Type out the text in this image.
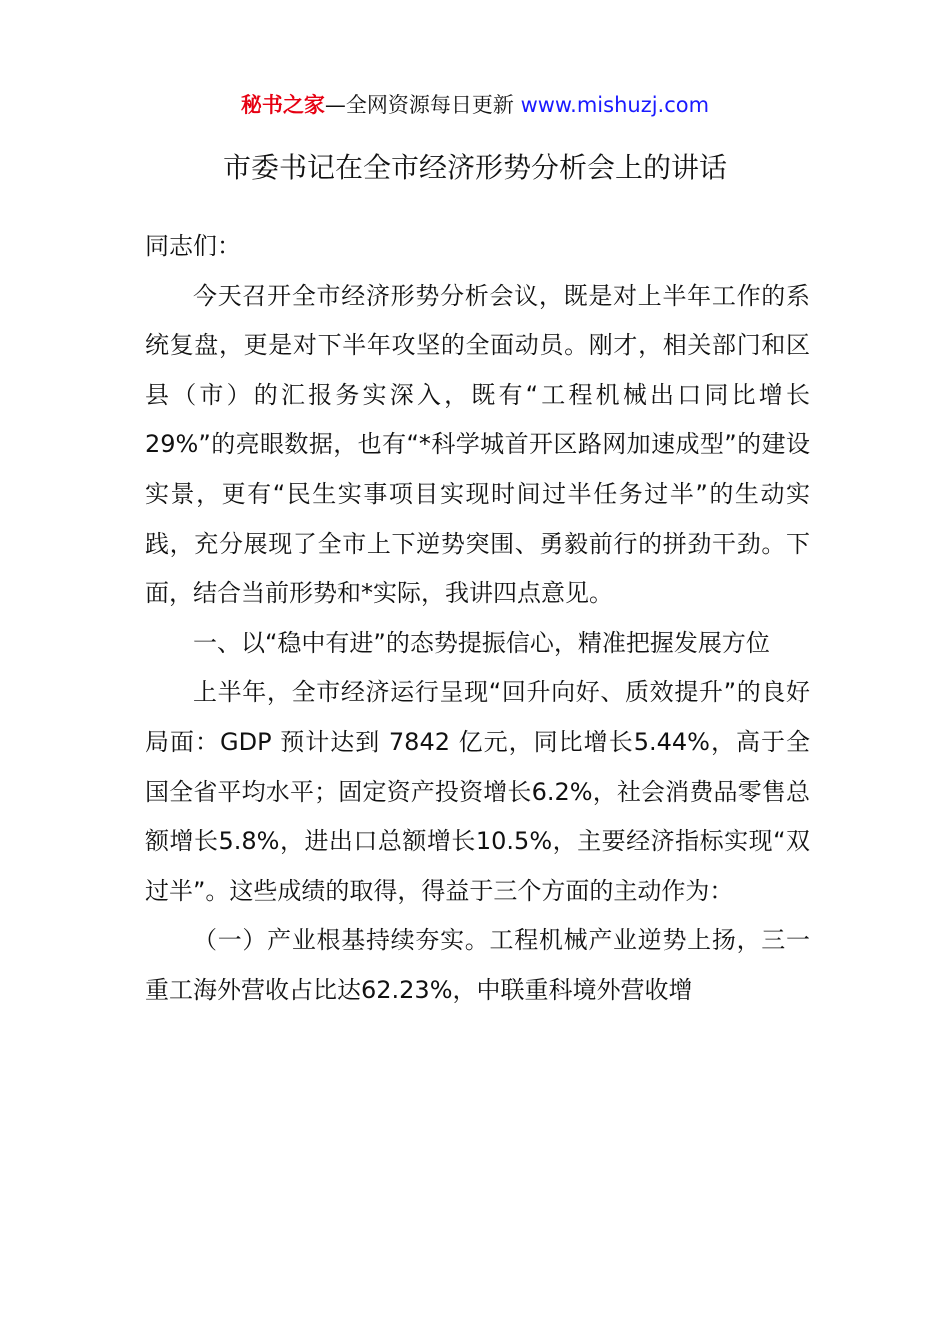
秘书之家—全网资源每日更新 www.mishuzj.com
市委书记在全市经济形势分析会上的讲话

同志们：

今天召开全市经济形势分析会议，既是对上半年工作的系统复盘，更是对下半年攻坚的全面动员。刚才，相关部门和区县（市）的汇报务实深入，既有“工程机械出口同比增长29%”的亮眼数据，也有“*科学城首开区路网加速成型”的建设实景，更有“民生实事项目实现时间过半任务过半”的生动实践，充分展现了全市上下逆势突围、勇毅前行的拼劲干劲。下面，结合当前形势和*实际，我讲四点意见。

一、以“稳中有进”的态势提振信心，精准把握发展方位

上半年，全市经济运行呈现“回升向好、质效提升”的良好局面：GDP 预计达到 7842 亿元，同比增长5.44%，高于全国全省平均水平；固定资产投资增长6.2%，社会消费品零售总额增长5.8%，进出口总额增长10.5%，主要经济指标实现“双过半”。这些成绩的取得，得益于三个方面的主动作为：

（一）产业根基持续夯实。工程机械产业逆势上扬，三一重工海外营收占比达62.23%，中联重科境外营收增
